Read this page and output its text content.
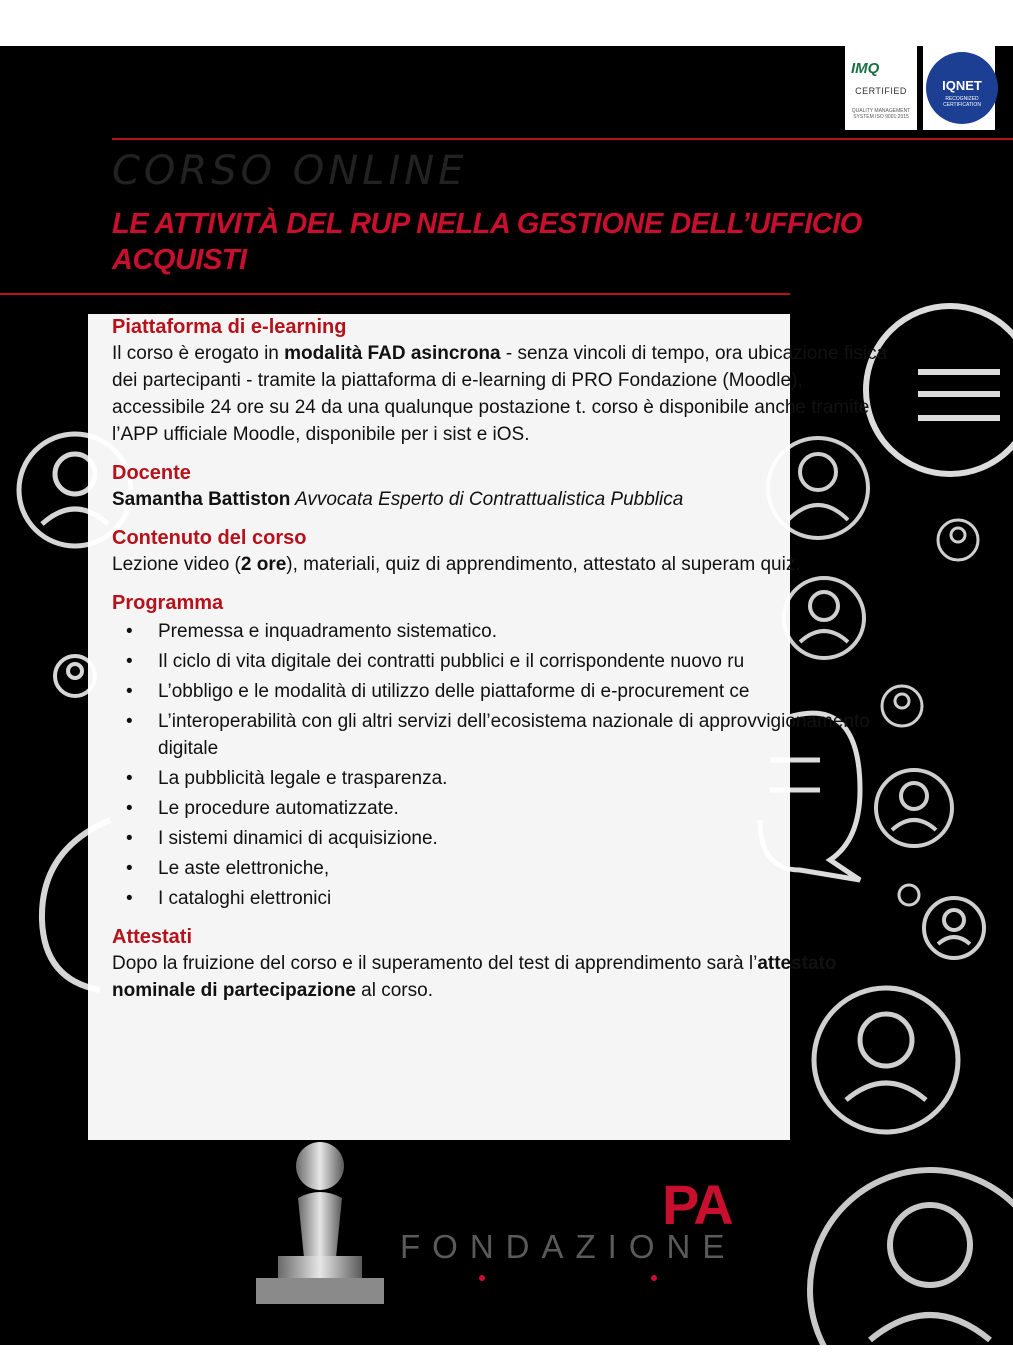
IMQ
CERTIFIED
QUALITY MANAGEMENT SYSTEM ISO 9001:2015
IQNET
RECOGNIZED CERTIFICATION
CORSO ONLINE
LE ATTIVITÀ DEL RUP NELLA GESTIONE DELL’UFFICIO ACQUISTI
Piattaforma di e-learning

Il corso è erogato in modalità FAD asincrona - senza vincoli di tempo, ora ubicazione fisica dei partecipanti - tramite la piattaforma di e-learning di PRO Fondazione (Moodle), accessibile 24 ore su 24 da una qualunque postazione t. corso è disponibile anche tramite l’APP ufficiale Moodle, disponibile per i sist e iOS.

Docente

Samantha Battiston Avvocata Esperto di Contrattualistica Pubblica

Contenuto del corso

Lezione video (2 ore), materiali, quiz di apprendimento, attestato al superam quiz.

Programma
• Premessa e inquadramento sistematico.
• Il ciclo di vita digitale dei contratti pubblici e il corrispondente nuovo ru
• L’obbligo e le modalità di utilizzo delle piattaforme di e-procurement ce
• L’interoperabilità con gli altri servizi dell’ecosistema nazionale di approvvigionamento digitale
• La pubblicità legale e trasparenza.
• Le procedure automatizzate.
• I sistemi dinamici di acquisizione.
• Le aste elettroniche,
• I cataloghi elettronici
Attestati

Dopo la fruizione del corso e il superamento del test di apprendimento sarà l’attestato nominale di partecipazione al corso.

PA
FONDAZIONE
